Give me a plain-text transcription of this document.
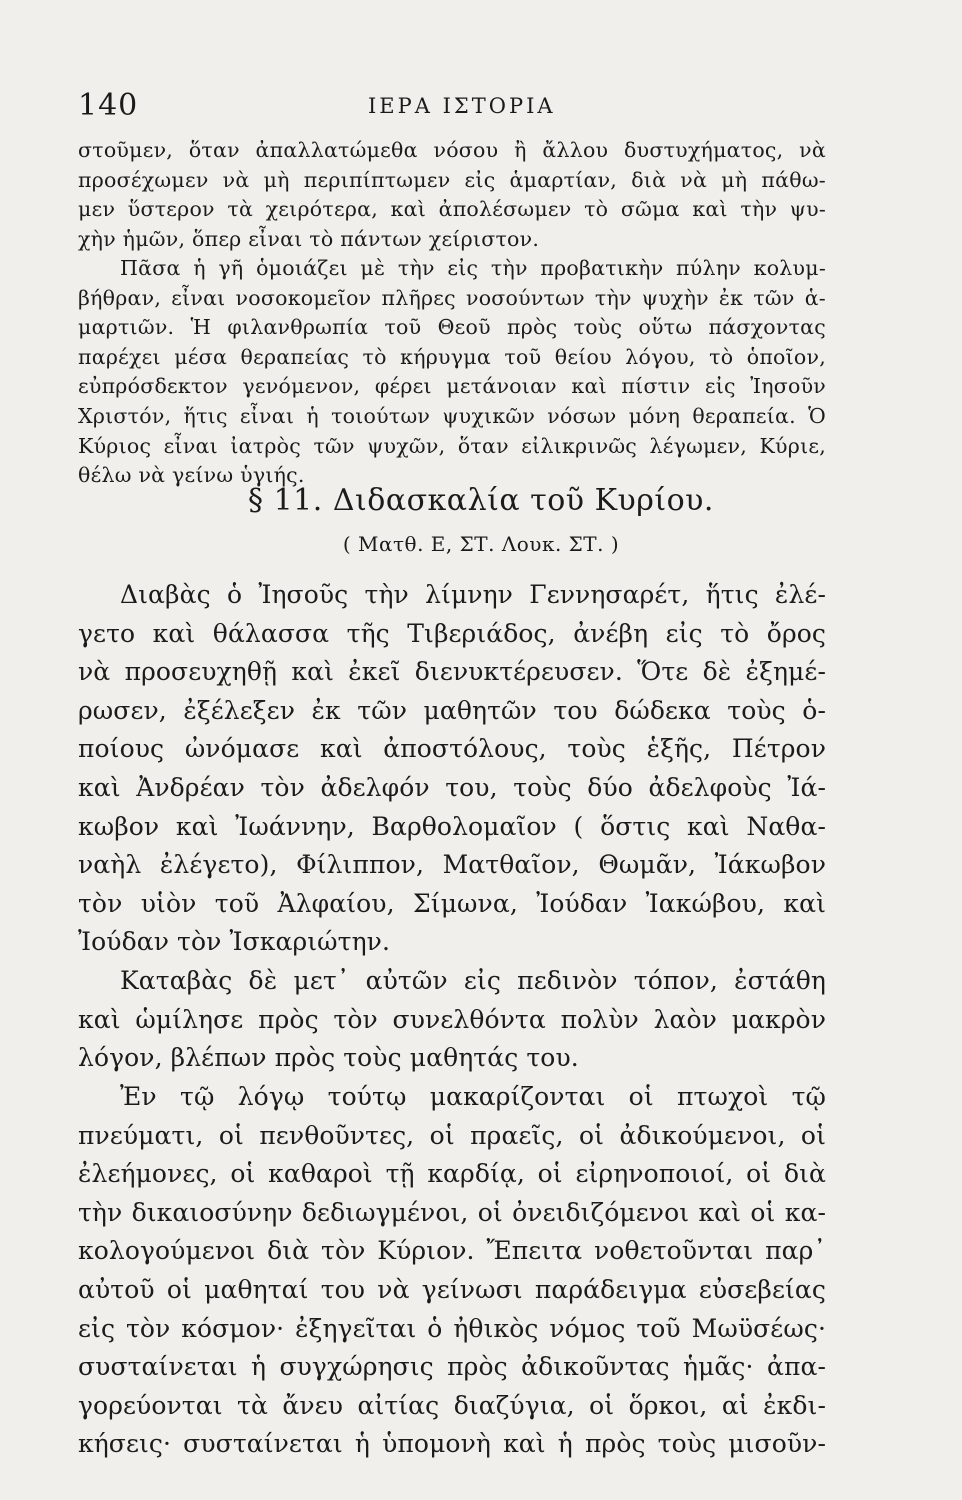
140	ΙΕΡΑ ΙΣΤΟΡΙΑ
στοῦμεν, ὅταν ἀπαλλατώμεθα νόσου ἢ ἄλλου δυστυχήματος, νὰ
προσέχωμεν νὰ μὴ περιπίπτωμεν εἰς ἁμαρτίαν, διὰ νὰ μὴ πάθω-
μεν ὕστερον τὰ χειρότερα, καὶ ἀπολέσωμεν τὸ σῶμα καὶ τὴν ψυ-
χὴν ἡμῶν, ὅπερ εἶναι τὸ πάντων χείριστον.
Πᾶσα ἡ γῆ ὁμοιάζει μὲ τὴν εἰς τὴν προβατικὴν πύλην κολυμ-
βήθραν, εἶναι νοσοκομεῖον πλῆρες νοσούντων τὴν ψυχὴν ἐκ τῶν ἁ-
μαρτιῶν. Ἡ φιλανθρωπία τοῦ Θεοῦ πρὸς τοὺς οὕτω πάσχοντας
παρέχει μέσα θεραπείας τὸ κήρυγμα τοῦ θείου λόγου, τὸ ὁποῖον,
εὐπρόσδεκτον γενόμενον, φέρει μετάνοιαν καὶ πίστιν εἰς Ἰησοῦν
Χριστόν, ἥτις εἶναι ἡ τοιούτων ψυχικῶν νόσων μόνη θεραπεία. Ὁ
Κύριος εἶναι ἰατρὸς τῶν ψυχῶν, ὅταν εἰλικρινῶς λέγωμεν, Κύριε,
θέλω νὰ γείνω ὑγιής.
§ 11. Διδασκαλία τοῦ Κυρίου.
( Ματθ. Ε, ΣΤ. Λουκ. ΣΤ. )
Διαβὰς ὁ Ἰησοῦς τὴν λίμνην Γεννησαρέτ, ἥτις ἐλέ-
γετο καὶ θάλασσα τῆς Τιβεριάδος, ἀνέβη εἰς τὸ ὄρος
νὰ προσευχηθῇ καὶ ἐκεῖ διενυκτέρευσεν. Ὅτε δὲ ἐξημέ-
ρωσεν, ἐξέλεξεν ἐκ τῶν μαθητῶν του δώδεκα τοὺς ὁ-
ποίους ὠνόμασε καὶ ἀποστόλους, τοὺς ἑξῆς, Πέτρον
καὶ Ἀνδρέαν τὸν ἀδελφόν του, τοὺς δύο ἀδελφοὺς Ἰά-
κωβον καὶ Ἰωάννην, Βαρθολομαῖον ( ὅστις καὶ Ναθα-
ναὴλ ἐλέγετο), Φίλιππον, Ματθαῖον, Θωμᾶν, Ἰάκωβον
τὸν υἱὸν τοῦ Ἀλφαίου, Σίμωνα, Ἰούδαν Ἰακώβου, καὶ
Ἰούδαν τὸν Ἰσκαριώτην.
Καταβὰς δὲ μετ᾽ αὐτῶν εἰς πεδινὸν τόπον, ἐστάθη
καὶ ὡμίλησε πρὸς τὸν συνελθόντα πολὺν λαὸν μακρὸν
λόγον, βλέπων πρὸς τοὺς μαθητάς του.
Ἐν τῷ λόγῳ τούτῳ μακαρίζονται οἱ πτωχοὶ τῷ
πνεύματι, οἱ πενθοῦντες, οἱ πραεῖς, οἱ ἀδικούμενοι, οἱ
ἐλεήμονες, οἱ καθαροὶ τῇ καρδίᾳ, οἱ εἰρηνοποιοί, οἱ διὰ
τὴν δικαιοσύνην δεδιωγμένοι, οἱ ὀνειδιζόμενοι καὶ οἱ κα-
κολογούμενοι διὰ τὸν Κύριον. Ἔπειτα νοθετοῦνται παρ᾽
αὐτοῦ οἱ μαθηταί του νὰ γείνωσι παράδειγμα εὐσεβείας
εἰς τὸν κόσμον· ἐξηγεῖται ὁ ἠθικὸς νόμος τοῦ Μωϋσέως·
συσταίνεται ἡ συγχώρησις πρὸς ἀδικοῦντας ἡμᾶς· ἀπα-
γορεύονται τὰ ἄνευ αἰτίας διαζύγια, οἱ ὅρκοι, αἱ ἐκδι-
κήσεις· συσταίνεται ἡ ὑπομονὴ καὶ ἡ πρὸς τοὺς μισοῦν-
